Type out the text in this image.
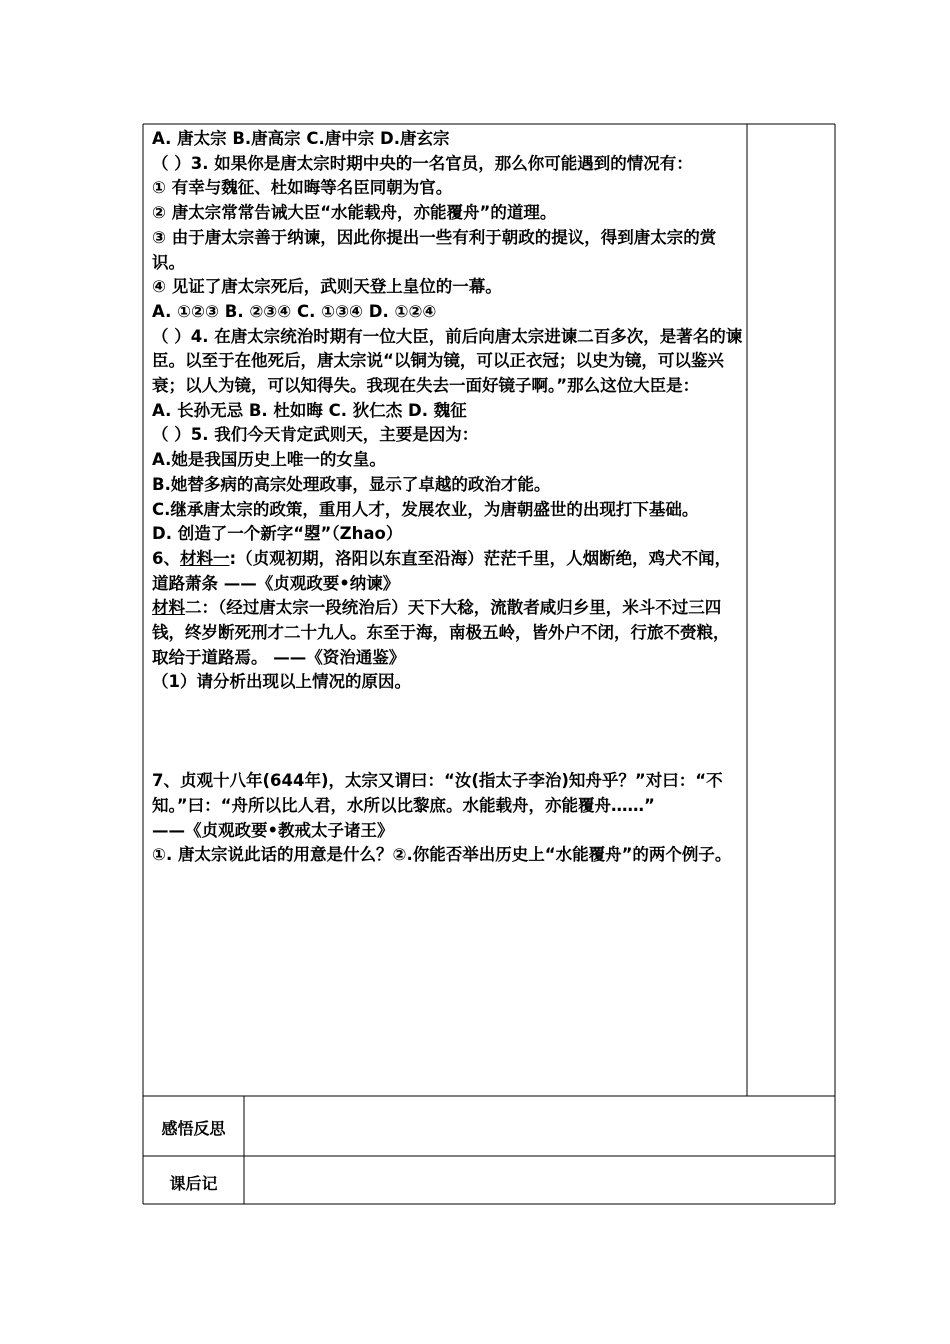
A. 唐太宗 B.唐高宗 C.唐中宗 D.唐玄宗

（ ）3. 如果你是唐太宗时期中央的一名官员，那么你可能遇到的情况有：

① 有幸与魏征、杜如晦等名臣同朝为官。

② 唐太宗常常告诫大臣“水能载舟，亦能覆舟”的道理。

③ 由于唐太宗善于纳谏，因此你提出一些有利于朝政的提议，得到唐太宗的赏识。

④ 见证了唐太宗死后，武则天登上皇位的一幕。

A. ①②③ B. ②③④ C. ①③④ D. ①②④

（ ）4. 在唐太宗统治时期有一位大臣，前后向唐太宗进谏二百多次，是著名的谏臣。以至于在他死后，唐太宗说“以铜为镜，可以正衣冠；以史为镜，可以鉴兴衰；以人为镜，可以知得失。我现在失去一面好镜子啊。”那么这位大臣是：

A. 长孙无忌 B. 杜如晦 C. 狄仁杰 D. 魏征

（ ）5. 我们今天肯定武则天，主要是因为：

A.她是我国历史上唯一的女皇。

B.她替多病的高宗处理政事，显示了卓越的政治才能。

C.继承唐太宗的政策，重用人才，发展农业，为唐朝盛世的出现打下基础。

D. 创造了一个新字“曌”（Zhao）

6、材料一:（贞观初期，洛阳以东直至沿海）茫茫千里，人烟断绝，鸡犬不闻，道路萧条 ——《贞观政要•纳谏》

材料二：（经过唐太宗一段统治后）天下大稔，流散者咸归乡里，米斗不过三四钱，终岁断死刑才二十九人。东至于海，南极五岭，皆外户不闭，行旅不赍粮，取给于道路焉。 ——《资治通鉴》

（1）请分析出现以上情况的原因。

7、贞观十八年(644年)，太宗又谓曰：“汝(指太子李治)知舟乎？”对曰：“不知。”曰：“舟所以比人君，水所以比黎庶。水能载舟，亦能覆舟……”

——《贞观政要•教戒太子诸王》

①. 唐太宗说此话的用意是什么？②.你能否举出历史上“水能覆舟”的两个例子。

感悟反思
课后记
